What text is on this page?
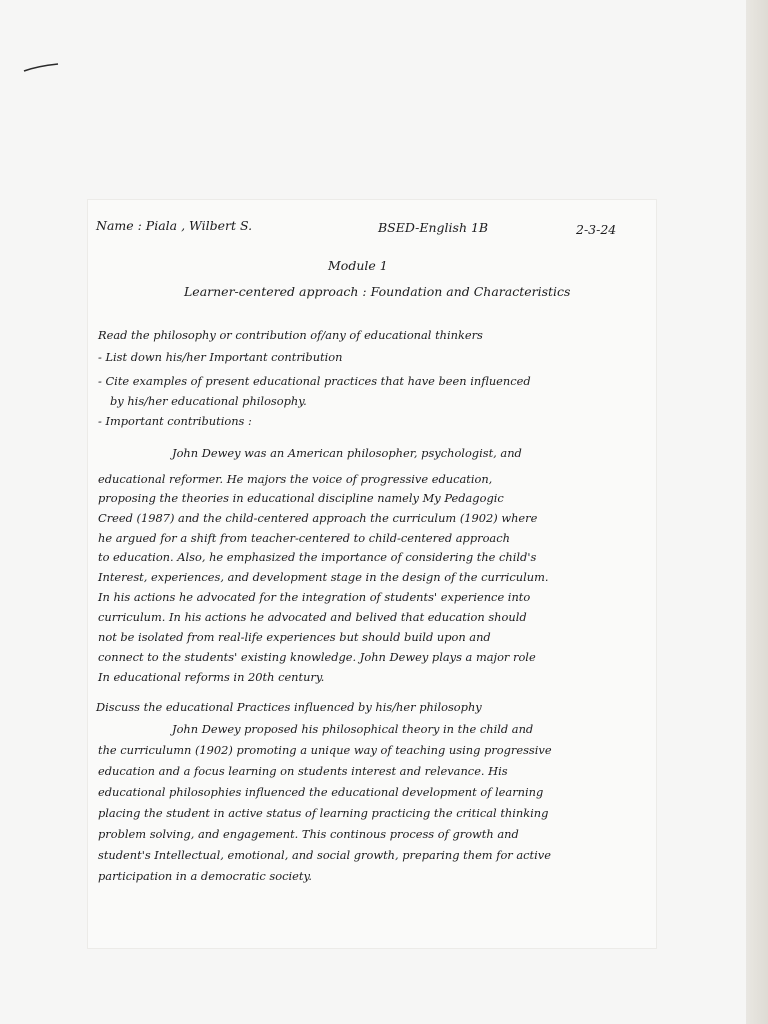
Name : Piala , Wilbert S.	BSED-English 1B	2-3-24

Module 1

Learner-centered approach : Foundation and Characteristics

Read the philosophy or contribution of/any of educational thinkers

- List down his/her Important contribution

- Cite examples of present educational practices that have been influenced

by his/her educational philosophy.

- Important contributions :

John Dewey was an American philosopher, psychologist, and

educational reformer. He majors the voice of progressive education,

proposing the theories in educational discipline namely My Pedagogic

Creed (1987) and the child-centered approach the curriculum (1902) where

he argued for a shift from teacher-centered to child-centered approach

to education. Also, he emphasized the importance of considering the child's

Interest, experiences, and development stage in the design of the curriculum.

In his actions he advocated for the integration of students' experience into

curriculum. In his actions he advocated and belived that education should

not be isolated from real-life experiences but should build upon and

connect to the students' existing knowledge. John Dewey plays a major role

In educational reforms in 20th century.

Discuss the educational Practices influenced by his/her philosophy

John Dewey proposed his philosophical theory in the child and

the curriculumn (1902) promoting a unique way of teaching using progressive

education and a focus learning on students interest and relevance. His

educational philosophies influenced the educational development of learning

placing the student in active status of learning practicing the critical thinking

problem solving, and engagement. This continous process of growth and

student's Intellectual, emotional, and social growth, preparing them for active

participation in a democratic society.
